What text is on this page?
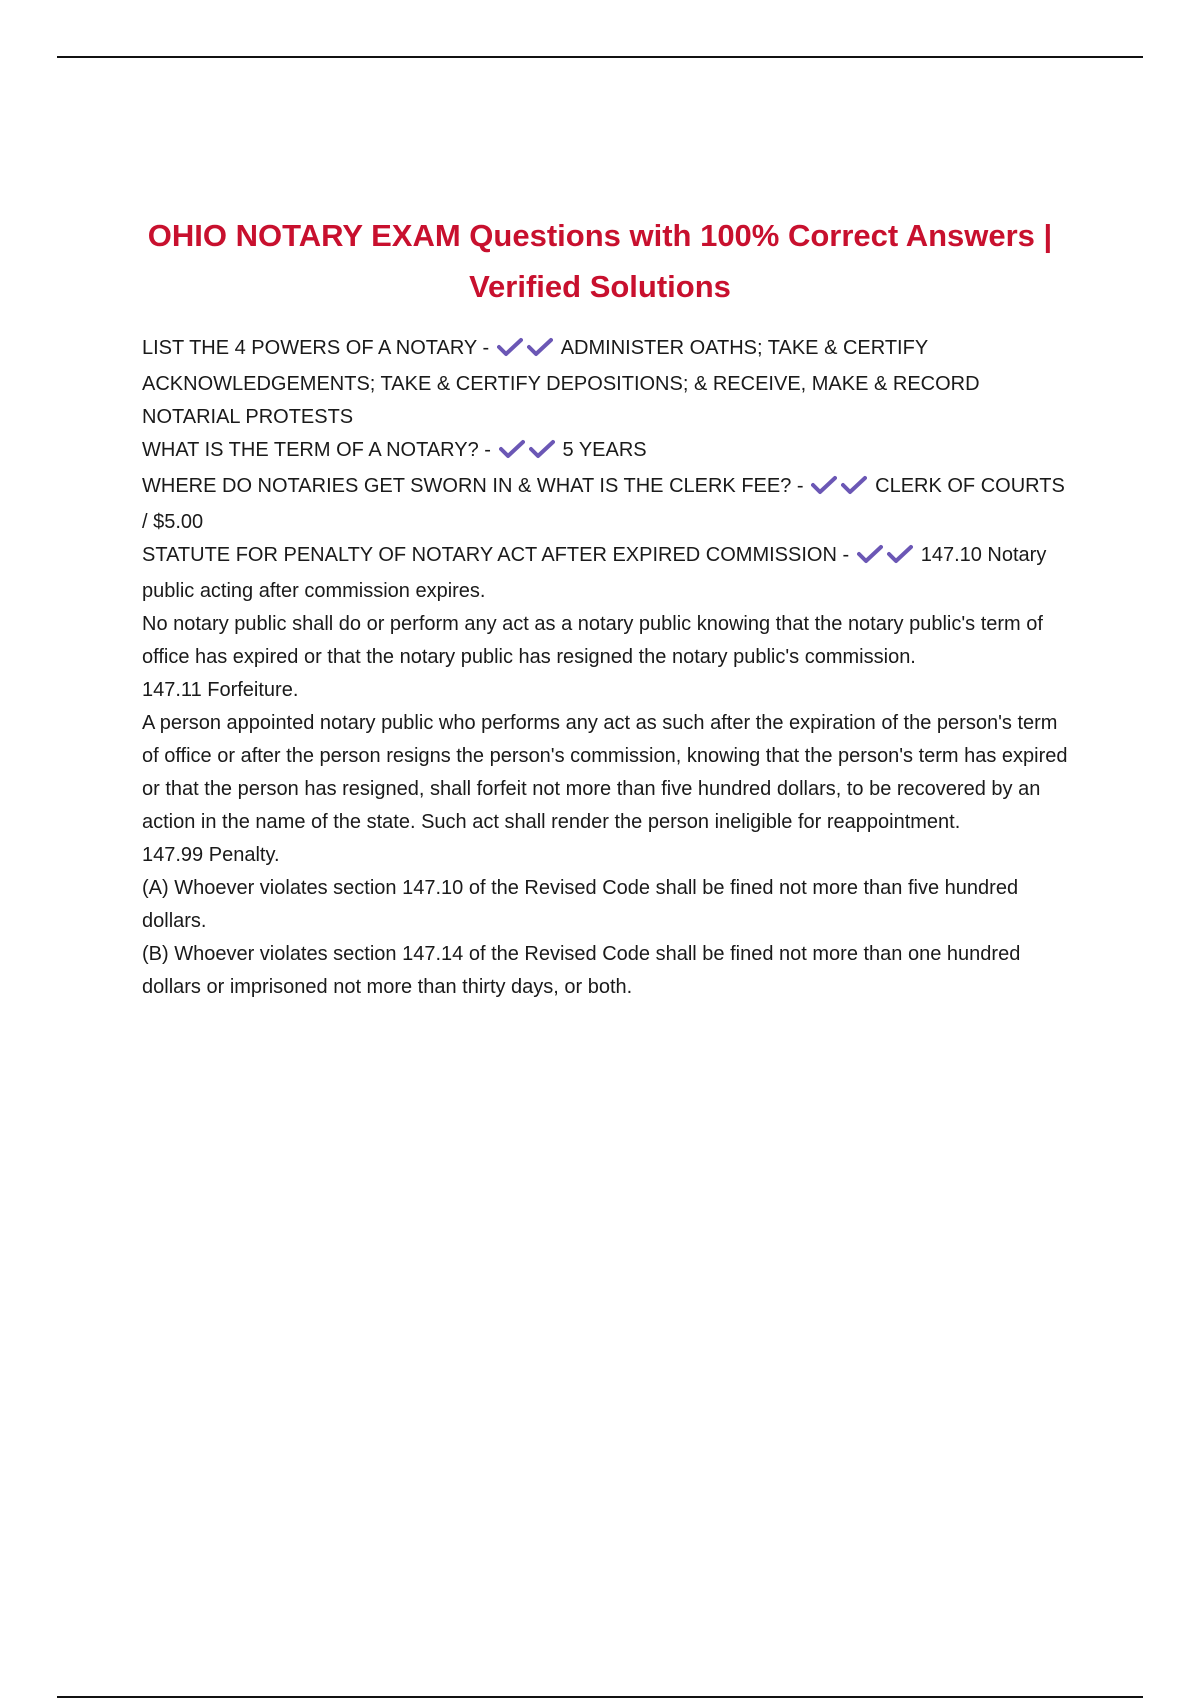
OHIO NOTARY EXAM Questions with 100% Correct Answers | Verified Solutions

LIST THE 4 POWERS OF A NOTARY -	ADMINISTER OATHS; TAKE & CERTIFY ACKNOWLEDGEMENTS; TAKE & CERTIFY DEPOSITIONS; & RECEIVE, MAKE & RECORD NOTARIAL PROTESTS

WHAT IS THE TERM OF A NOTARY? -	5 YEARS

WHERE DO NOTARIES GET SWORN IN & WHAT IS THE CLERK FEE? -	CLERK OF COURTS / $5.00

STATUTE FOR PENALTY OF NOTARY ACT AFTER EXPIRED COMMISSION -	147.10 Notary public acting after commission expires.

No notary public shall do or perform any act as a notary public knowing that the notary public's term of office has expired or that the notary public has resigned the notary public's commission.

147.11 Forfeiture.

A person appointed notary public who performs any act as such after the expiration of the person's term of office or after the person resigns the person's commission, knowing that the person's term has expired or that the person has resigned, shall forfeit not more than five hundred dollars, to be recovered by an action in the name of the state. Such act shall render the person ineligible for reappointment.

147.99 Penalty.

(A) Whoever violates section 147.10 of the Revised Code shall be fined not more than five hundred dollars.

(B) Whoever violates section 147.14 of the Revised Code shall be fined not more than one hundred dollars or imprisoned not more than thirty days, or both.
